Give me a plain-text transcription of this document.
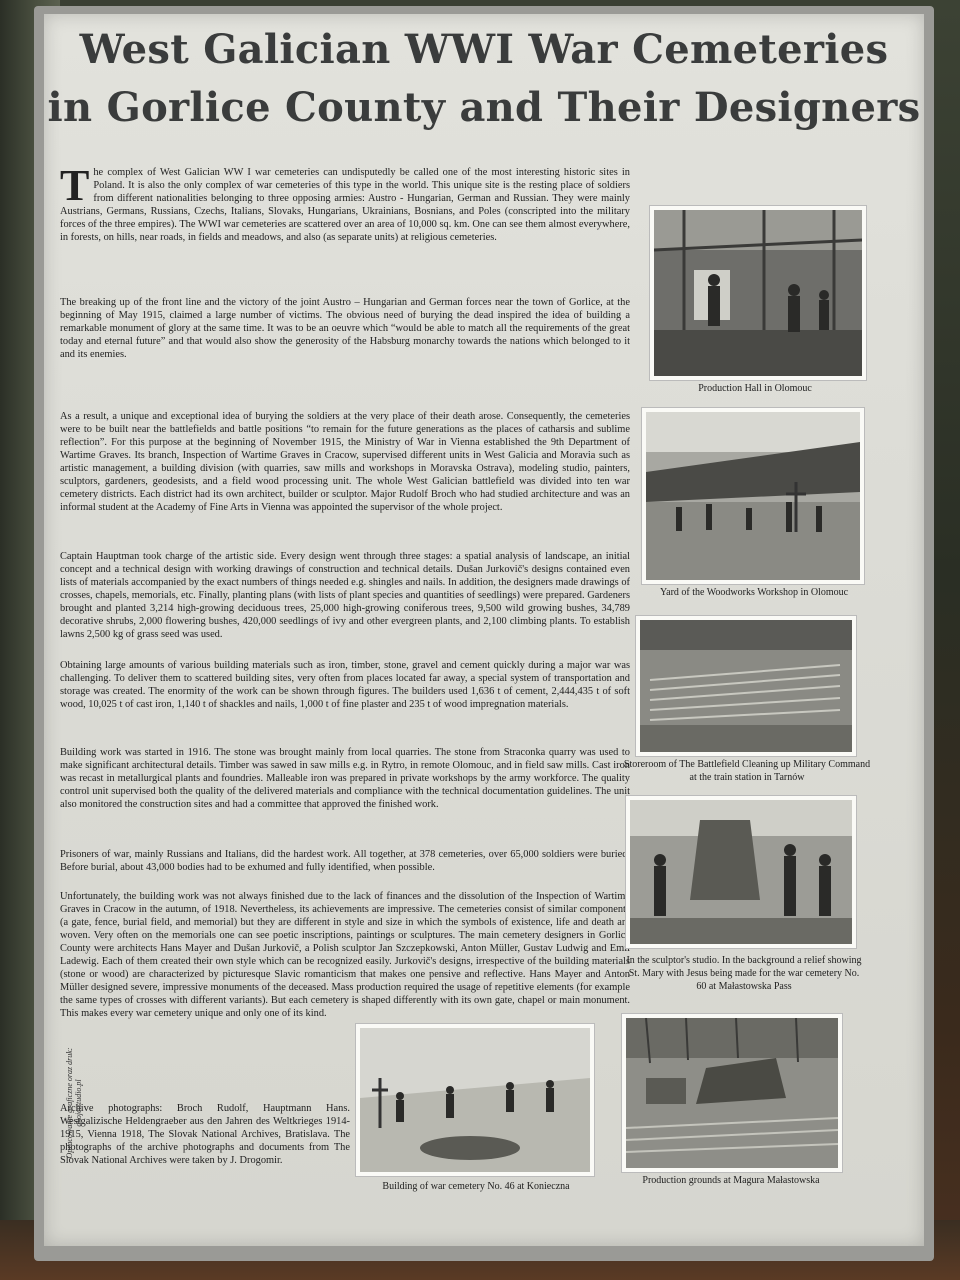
West Galician WWI War Cemeteries
in Gorlice County and Their Designers

The complex of West Galician WW I war cemeteries can undisputedly be called one of the most interesting historic sites in Poland. It is also the only complex of war cemeteries of this type in the world. This unique site is the resting place of soldiers from different nationalities belonging to three opposing armies: Austro - Hungarian, German and Russian. They were mainly Austrians, Germans, Russians, Czechs, Italians, Slovaks, Hungarians, Ukrainians, Bosnians, and Poles (conscripted into the military forces of the three empires). The WWI war cemeteries are scattered over an area of 10,000 sq. km. One can see them almost everywhere, in forests, on hills, near roads, in fields and meadows, and also (as separate units) at religious cemeteries.

The breaking up of the front line and the victory of the joint Austro – Hungarian and German forces near the town of Gorlice, at the beginning of May 1915, claimed a large number of victims. The obvious need of burying the dead inspired the idea of building a remarkable monument of glory at the same time. It was to be an oeuvre which “would be able to match all the requirements of the great today and eternal future” and that would also show the generosity of the Habsburg monarchy towards the nations which belonged to it and its enemies.
As a result, a unique and exceptional idea of burying the soldiers at the very place of their death arose. Consequently, the cemeteries were to be built near the battlefields and battle positions “to remain for the future generations as the places of catharsis and sublime reflection”. For this purpose at the beginning of November 1915, the Ministry of War in Vienna established the 9th Department of Wartime Graves. Its branch, Inspection of Wartime Graves in Cracow, supervised different units in West Galicia and Moravia such as artistic management, a building division (with quarries, saw mills and workshops in Moravska Ostrava), modeling studio, painters, sculptors, gardeners, geodesists, and a field wood processing unit. The whole West Galician battlefield was divided into ten war cemetery districts. Each district had its own architect, builder or sculptor. Major Rudolf Broch who had studied architecture and was an informal student at the Academy of Fine Arts in Vienna was appointed the supervisor of the whole project.
Captain Hauptman took charge of the artistic side. Every design went through three stages: a spatial analysis of landscape, an initial concept and a technical design with working drawings of construction and technical details. Dušan Jurkovič's designs contained even lists of materials accompanied by the exact numbers of things needed e.g. shingles and nails. In addition, the designers made drawings of crosses, chapels, memorials, etc. Finally, planting plans (with lists of plant species and quantities of seedlings) were prepared. Gardeners brought and planted 3,214 high-growing deciduous trees, 25,000 high-growing coniferous trees, 9,500 wild growing bushes, 34,789 decorative shrubs, 2,000 flowering bushes, 420,000 seedlings of ivy and other evergreen plants, and 2,100 climbing plants. To establish lawns 2,500 kg of grass seed was used.
Obtaining large amounts of various building materials such as iron, timber, stone, gravel and cement quickly during a major war was challenging. To deliver them to scattered building sites, very often from places located far away, a special system of transportation and storage was created. The enormity of the work can be shown through figures. The builders used 1,636 t of cement, 2,444,435 t of soft wood, 10,025 t of cast iron, 1,140 t of shackles and nails, 1,000 t of fine plaster and 235 t of wood impregnation materials.
Building work was started in 1916. The stone was brought mainly from local quarries. The stone from Straconka quarry was used to make significant architectural details. Timber was sawed in saw mills e.g. in Rytro, in remote Olomouc, and in field saw mills. Cast iron was recast in metallurgical plants and foundries. Malleable iron was prepared in private workshops by the army workforce. The quality control unit supervised both the quality of the delivered materials and compliance with the technical documentation guidelines. The unit also monitored the construction sites and had a committee that approved the finished work.
Prisoners of war, mainly Russians and Italians, did the hardest work. All together, at 378 cemeteries, over 65,000 soldiers were buried. Before burial, about 43,000 bodies had to be exhumed and fully identified, when possible.
Unfortunately, the building work was not always finished due to the lack of finances and the dissolution of the Inspection of Wartime Graves in Cracow in the autumn, of 1918. Nevertheless, its achievements are impressive. The cemeteries consist of similar components (a gate, fence, burial field, and memorial) but they are different in style and size in which the symbols of existence, life and death are woven. Very often on the memorials one can see poetic inscriptions, paintings or sculptures. The main cemetery designers in Gorlice County were architects Hans Mayer and Dušan Jurkovič, a Polish sculptor Jan Szczepkowski, Anton Müller, Gustav Ludwig and Emil Ladewig. Each of them created their own style which can be recognized easily. Jurkovič's designs, irrespective of the building materials (stone or wood) are characterized by picturesque Slavic romanticism that makes one pensive and reflective. Hans Mayer and Anton Müller designed severe, impressive monuments of the deceased. Mass production required the usage of repetitive elements (for example the same types of crosses with different variants). But each cemetery is shaped differently with its own gate, chapel or main monument. This makes every war cemetery unique and only one of its kind.
Archive photographs: Broch Rudolf, Hauptmann Hans. Westgalizische Heldengraeber aus den Jahren des Weltkrieges 1914-1915, Vienna 1918, The Slovak National Archives, Bratislava. The photographs of the archive photographs and documents from The Slovak National Archives were taken by J. Drogomir.
Production Hall in Olomouc
Yard of the Woodworks Workshop in Olomouc
Storeroom of The Battlefield Cleaning up Military Command at the train station in Tarnów
In the sculptor's studio. In the background a relief showing St. Mary with Jesus being made for the war cemetery No. 60 at Małastowska Pass
Building of war cemetery No. 46 at Konieczna
Production grounds at Magura Małastowska
Opracowanie graficzne oraz druk: akojetstudio.pl
